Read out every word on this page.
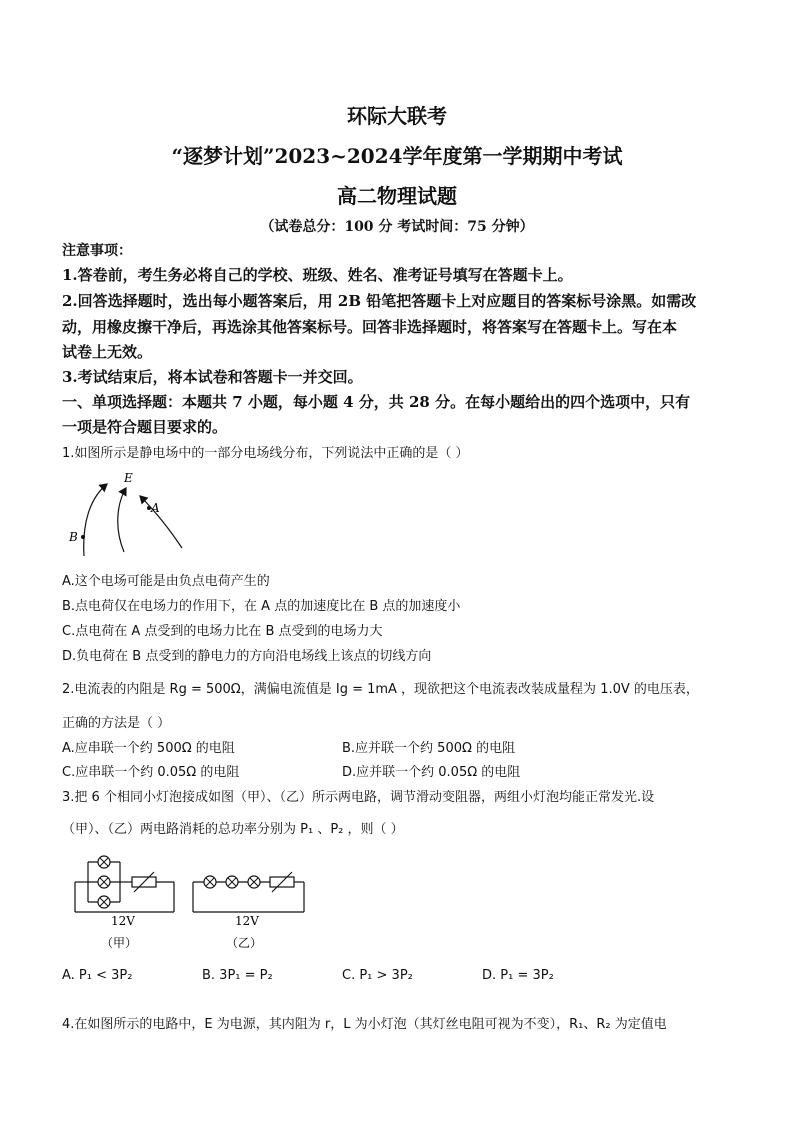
环际大联考
“逐梦计划”2023~2024学年度第一学期期中考试
高二物理试题
（试卷总分：100 分 考试时间：75 分钟）
注意事项：
1.答卷前，考生务必将自己的学校、班级、姓名、准考证号填写在答题卡上。
2.回答选择题时，选出每小题答案后，用 2B 铅笔把答题卡上对应题目的答案标号涂黑。如需改
动，用橡皮擦干净后，再选涂其他答案标号。回答非选择题时，将答案写在答题卡上。写在本
试卷上无效。
3.考试结束后，将本试卷和答题卡一并交回。
一、单项选择题：本题共 7 小题，每小题 4 分，共 28 分。在每小题给出的四个选项中，只有
一项是符合题目要求的。
1.如图所示是静电场中的一部分电场线分布，下列说法中正确的是（ ）
E
A
B
A.这个电场可能是由负点电荷产生的
B.点电荷仅在电场力的作用下，在 A 点的加速度比在 B 点的加速度小
C.点电荷在 A 点受到的电场力比在 B 点受到的电场力大
D.负电荷在 B 点受到的静电力的方向沿电场线上该点的切线方向
2.电流表的内阻是 Rg = 500Ω，满偏电流值是 Ig = 1mA ，现欲把这个电流表改装成量程为 1.0V 的电压表，
正确的方法是（ ）
A.应串联一个约 500Ω 的电阻	B.应并联一个约 500Ω 的电阻
C.应串联一个约 0.05Ω 的电阻	D.应并联一个约 0.05Ω 的电阻
3.把 6 个相同小灯泡接成如图（甲）、（乙）所示两电路，调节滑动变阻器，两组小灯泡均能正常发光.设
（甲）、（乙）两电路消耗的总功率分别为 P₁ 、P₂ ，则（ ）
12V
（甲）
12V
（乙）
A. P₁ < 3P₂	B. 3P₁ = P₂	C. P₁ > 3P₂	D. P₁ = 3P₂
4.在如图所示的电路中，E 为电源，其内阻为 r，L 为小灯泡（其灯丝电阻可视为不变），R₁、R₂ 为定值电
